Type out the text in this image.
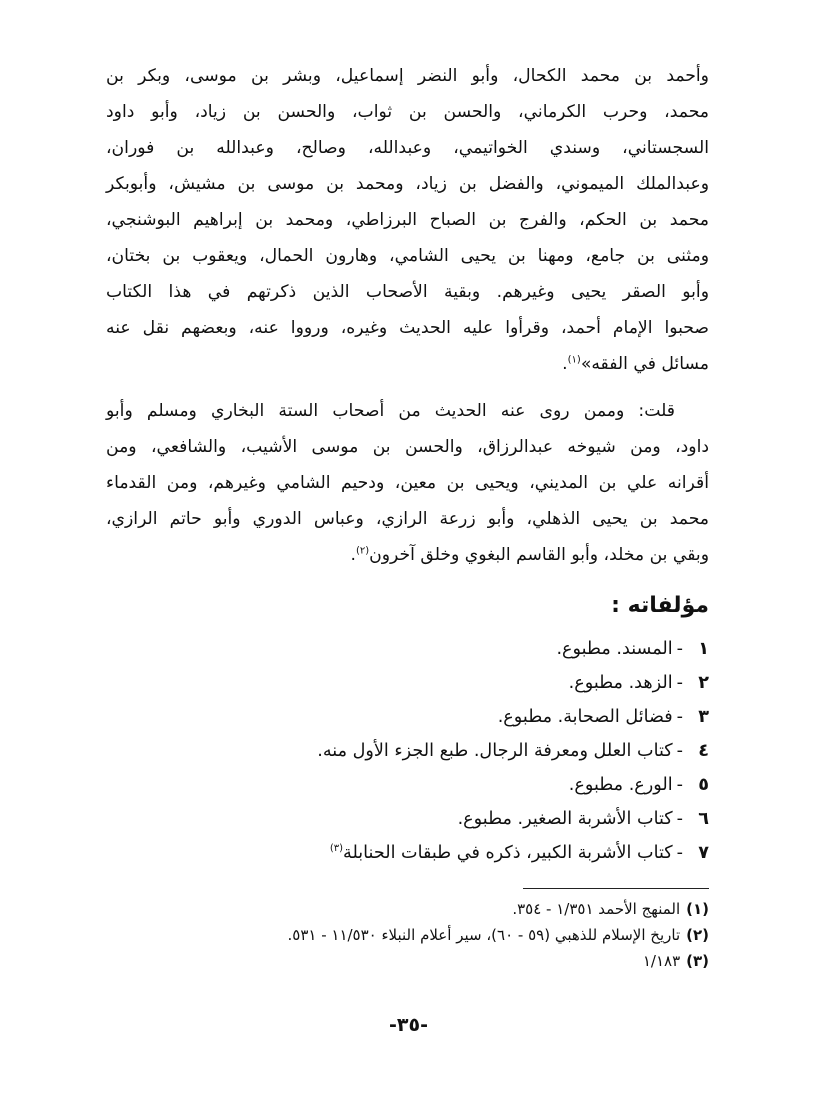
وأحمد بن محمد الكحال، وأبو النضر إسماعيل، وبشر بن موسى، وبكر بن
محمد، وحرب الكرماني، والحسن بن ثواب، والحسن بن زياد، وأبو داود
السجستاني، وسندي الخواتيمي، وعبدالله، وصالح، وعبدالله بن فوران،
وعبدالملك الميموني، والفضل بن زياد، ومحمد بن موسى بن مشيش، وأبوبكر
محمد بن الحكم، والفرج بن الصباح البرزاطي، ومحمد بن إبراهيم البوشنجي،
ومثنى بن جامع، ومهنا بن يحيى الشامي، وهارون الحمال، ويعقوب بن بختان،
وأبو الصقر يحيى وغيرهم. وبقية الأصحاب الذين ذكرتهم في هذا الكتاب
صحبوا الإمام أحمد، وقرأوا عليه الحديث وغيره، ورووا عنه، وبعضهم نقل عنه
مسائل في الفقه»$^{(١)}$.
قلت: وممن روى عنه الحديث من أصحاب الستة البخاري ومسلم وأبو
داود، ومن شيوخه عبدالرزاق، والحسن بن موسى الأشيب، والشافعي، ومن
أقرانه علي بن المديني، ويحيى بن معين، ودحيم الشامي وغيرهم، ومن القدماء
محمد بن يحيى الذهلي، وأبو زرعة الرازي، وعباس الدوري وأبو حاتم الرازي،
وبقي بن مخلد، وأبو القاسم البغوي وخلق آخرون$^{(٢)}$.
مؤلفاته :
١-المسند. مطبوع.
٢-الزهد. مطبوع.
٣-فضائل الصحابة. مطبوع.
٤-كتاب العلل ومعرفة الرجال. طبع الجزء الأول منه.
٥-الورع. مطبوع.
٦-كتاب الأشربة الصغير. مطبوع.
٧-كتاب الأشربة الكبير، ذكره في طبقات الحنابلة$^{(٣)}$
(١)المنهج الأحمد ١/٣٥١ - ٣٥٤.
(٢)تاريخ الإسلام للذهبي (٥٩ - ٦٠)، سير أعلام النبلاء ١١/٥٣٠ - ٥٣١.
(٣)١/١٨٣
-٣٥-
